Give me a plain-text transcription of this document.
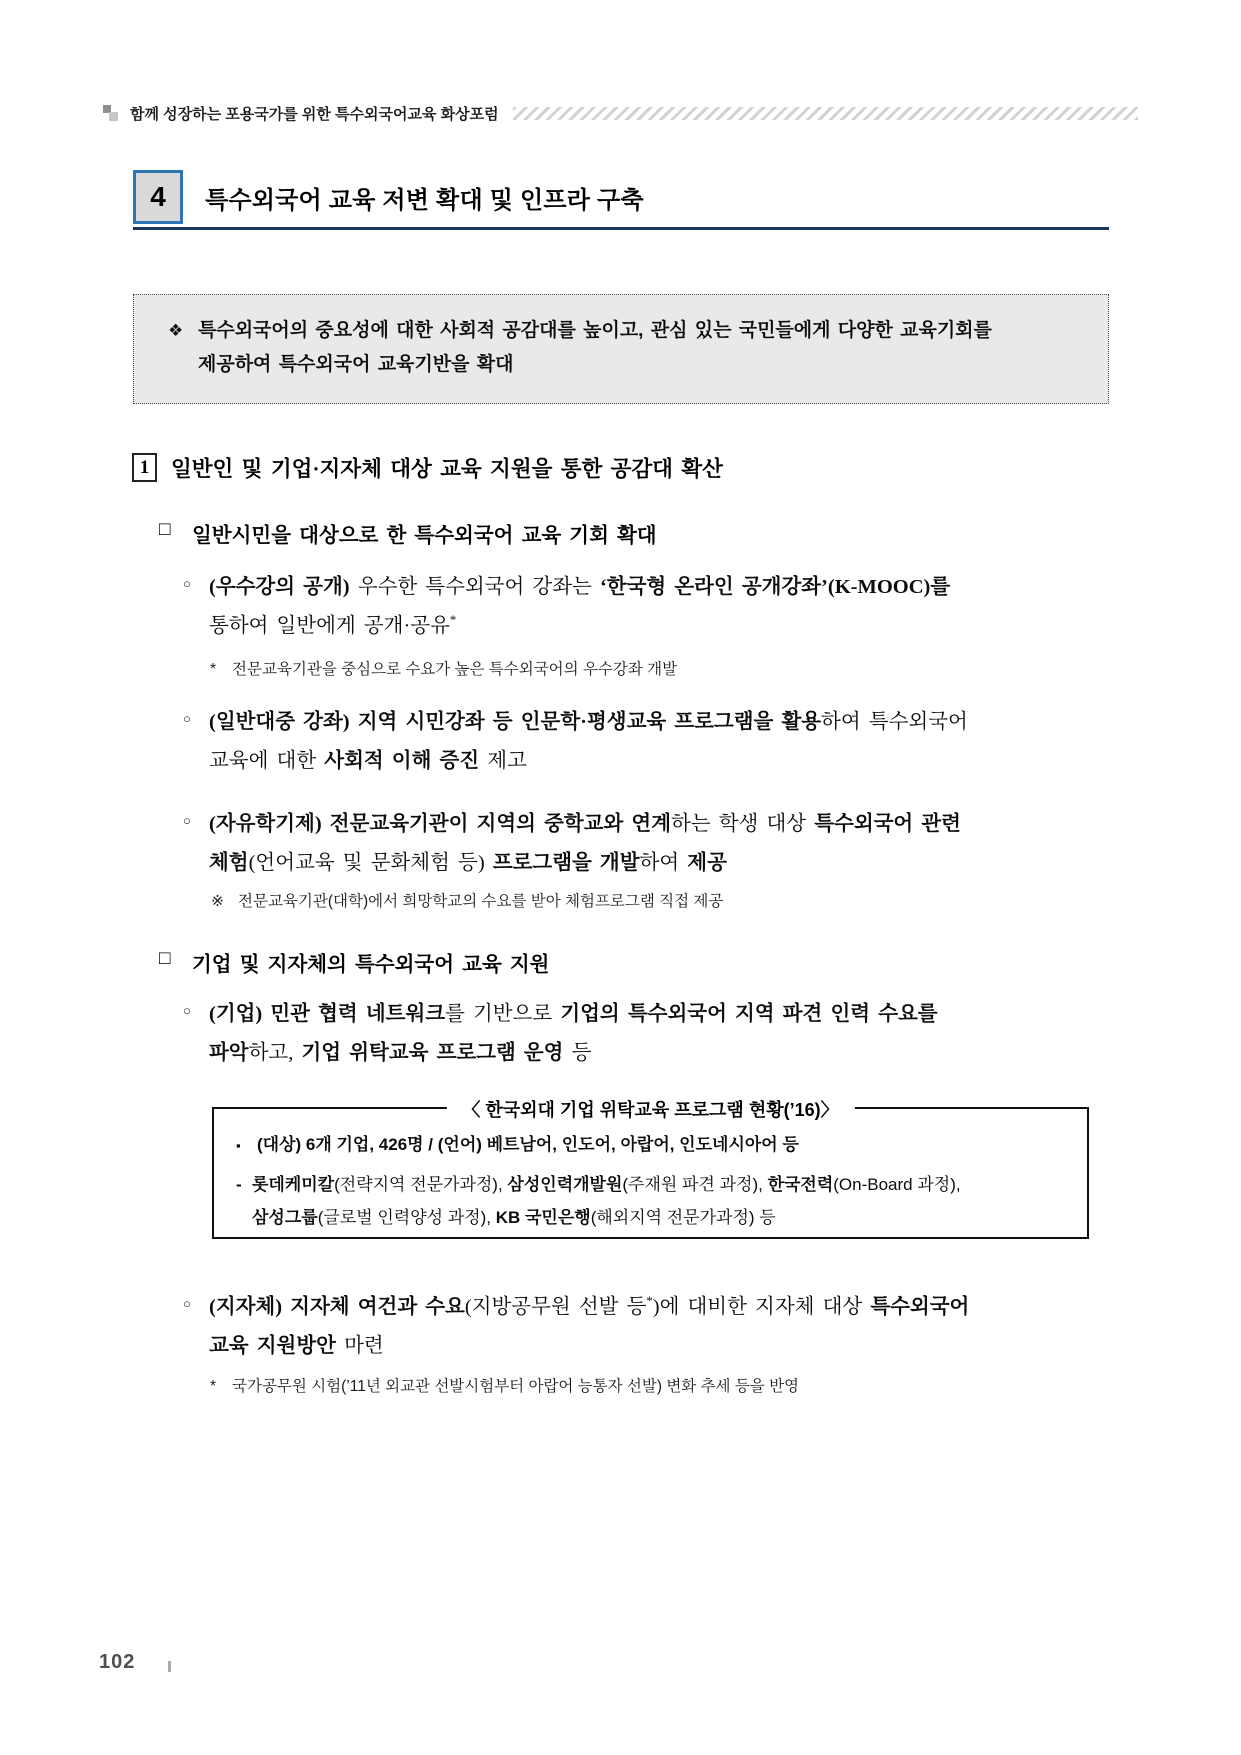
함께 성장하는 포용국가를 위한 특수외국어교육 화상포럼
4	특수외국어 교육 저변 확대 및 인프라 구축
❖ 특수외국어의 중요성에 대한 사회적 공감대를 높이고, 관심 있는 국민들에게 다양한 교육기회를
제공하여 특수외국어 교육기반을 확대
1	일반인 및 기업·지자체 대상 교육 지원을 통한 공감대 확산
□	일반시민을 대상으로 한 특수외국어 교육 기회 확대
○ (우수강의 공개) 우수한 특수외국어 강좌는 ‘한국형 온라인 공개강좌’(K-MOOC)를
통하여 일반에게 공개·공유*
*	전문교육기관을 중심으로 수요가 높은 특수외국어의 우수강좌 개발
○ (일반대중 강좌) 지역 시민강좌 등 인문학·평생교육 프로그램을 활용하여 특수외국어
교육에 대한 사회적 이해 증진 제고
○ (자유학기제) 전문교육기관이 지역의 중학교와 연계하는 학생 대상 특수외국어 관련
체험(언어교육 및 문화체험 등) 프로그램을 개발하여 제공
※ 전문교육기관(대학)에서 희망학교의 수요를 받아 체험프로그램 직접 제공
□	기업 및 지자체의 특수외국어 교육 지원
○ (기업) 민관 협력 네트워크를 기반으로 기업의 특수외국어 지역 파견 인력 수요를
파악하고, 기업 위탁교육 프로그램 운영 등
〈 한국외대 기업 위탁교육 프로그램 현황(’16)〉
▪ (대상) 6개 기업, 426명 / (언어) 베트남어, 인도어, 아랍어, 인도네시아어 등
- 롯데케미칼(전략지역 전문가과정), 삼성인력개발원(주재원 파견 과정), 한국전력(On-Board 과정),
삼성그룹(글로벌 인력양성 과정), KB 국민은행(해외지역 전문가과정) 등
○ (지자체) 지자체 여건과 수요(지방공무원 선발 등*)에 대비한 지자체 대상 특수외국어
교육 지원방안 마련
*	국가공무원 시험(’11년 외교관 선발시험부터 아랍어 능통자 선발) 변화 추세 등을 반영
102
